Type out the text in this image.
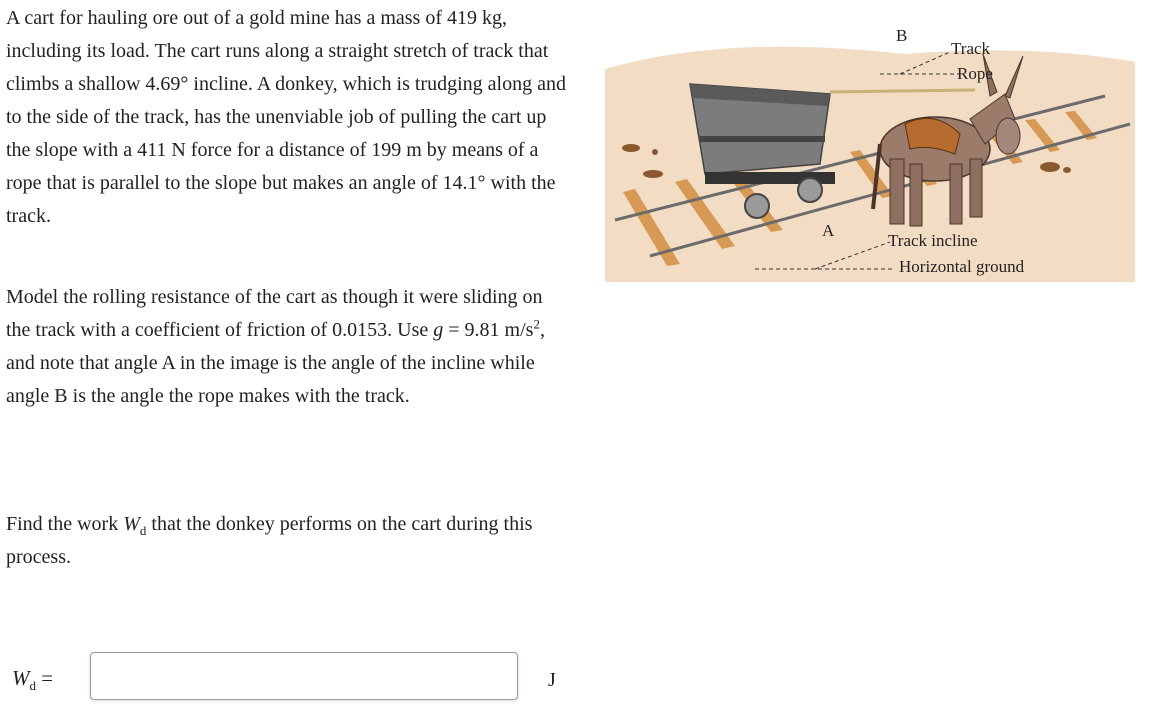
A cart for hauling ore out of a gold mine has a mass of 419 kg, including its load. The cart runs along a straight stretch of track that climbs a shallow 4.69° incline. A donkey, which is trudging along and to the side of the track, has the unenviable job of pulling the cart up the slope with a 411 N force for a distance of 199 m by means of a rope that is parallel to the slope but makes an angle of 14.1° with the track.

Model the rolling resistance of the cart as though it were sliding on the track with a coefficient of friction of 0.0153. Use g = 9.81 $m/s^2$, and note that angle A in the image is the angle of the incline while angle B is the angle the rope makes with the track.

Find the work $W_d$ that the donkey performs on the cart during this process.

B
Track
Rope
A
Track incline
Horizontal ground
$W_d$ =	J
